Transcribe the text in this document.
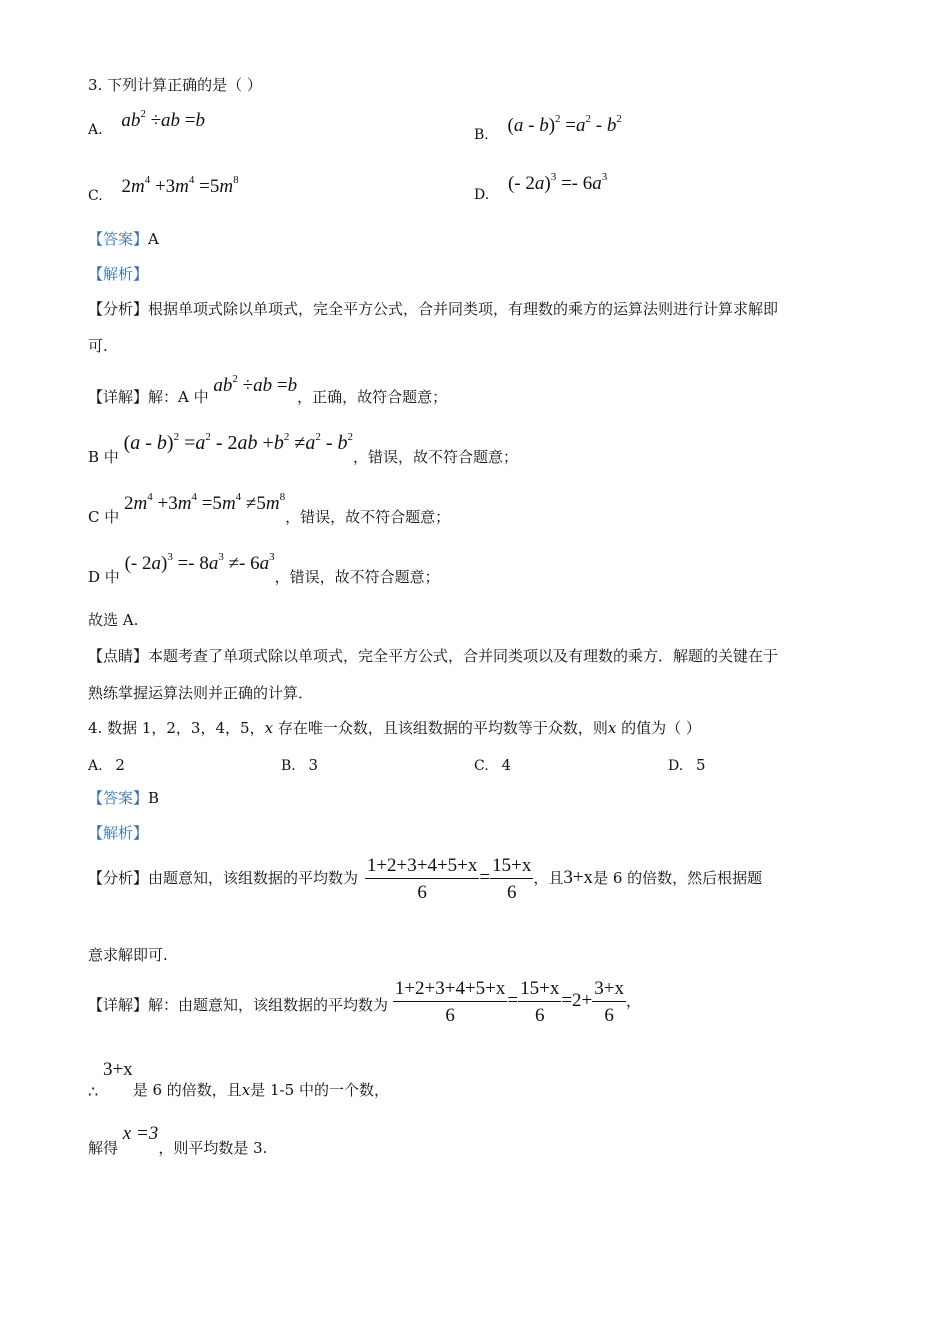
3. 下列计算正确的是（ ）
A. $ab^2 \div ab =b$
B. $(a - b)^2 =a^2 - b^2$
C. $2m^4 +3m^4 =5m^8$
D. (- $2a)^3 =- 6a^3$
【答案】A
【解析】
【分析】根据单项式除以单项式，完全平方公式，合并同类项，有理数的乘方的运算法则进行计算求解即
可.
【详解】解：A 中 $ab^2 \div ab =b$，正确，故符合题意；
B 中 $(a - b)^2 =a^2 - 2ab +b^2 \ne a^2 - b^2$，错误，故不符合题意；
C 中 $2m^4 +3m^4 =5m^4 \ne 5m^8$，错误，故不符合题意；
D 中 (- $2a)^3 =- 8a^3 \ne- 6a^3$，错误，故不符合题意；
故选 A.
【点睛】本题考查了单项式除以单项式，完全平方公式，合并同类项以及有理数的乘方．解题的关键在于
熟练掌握运算法则并正确的计算．
4. 数据 1，2，3，4，5，x 存在唯一众数，且该组数据的平均数等于众数，则x 的值为（ ）
A. 2	B. 3	C. 4	D. 5
【答案】B
【解析】
【分析】由题意知，该组数据的平均数为 $\frac{1+2+3+4+5+x}{6} = \frac{15+x}{6}$ ，且3+x是 6 的倍数，然后根据题
意求解即可.
【详解】解：由题意知，该组数据的平均数为 $\frac{1+2+3+4+5+x}{6} = \frac{15+x}{6} =2+ \frac{3+x}{6}$ ，
∴ 3+x是 6 的倍数，且x是 1-5 中的一个数，
解得 x =3，则平均数是 3.
